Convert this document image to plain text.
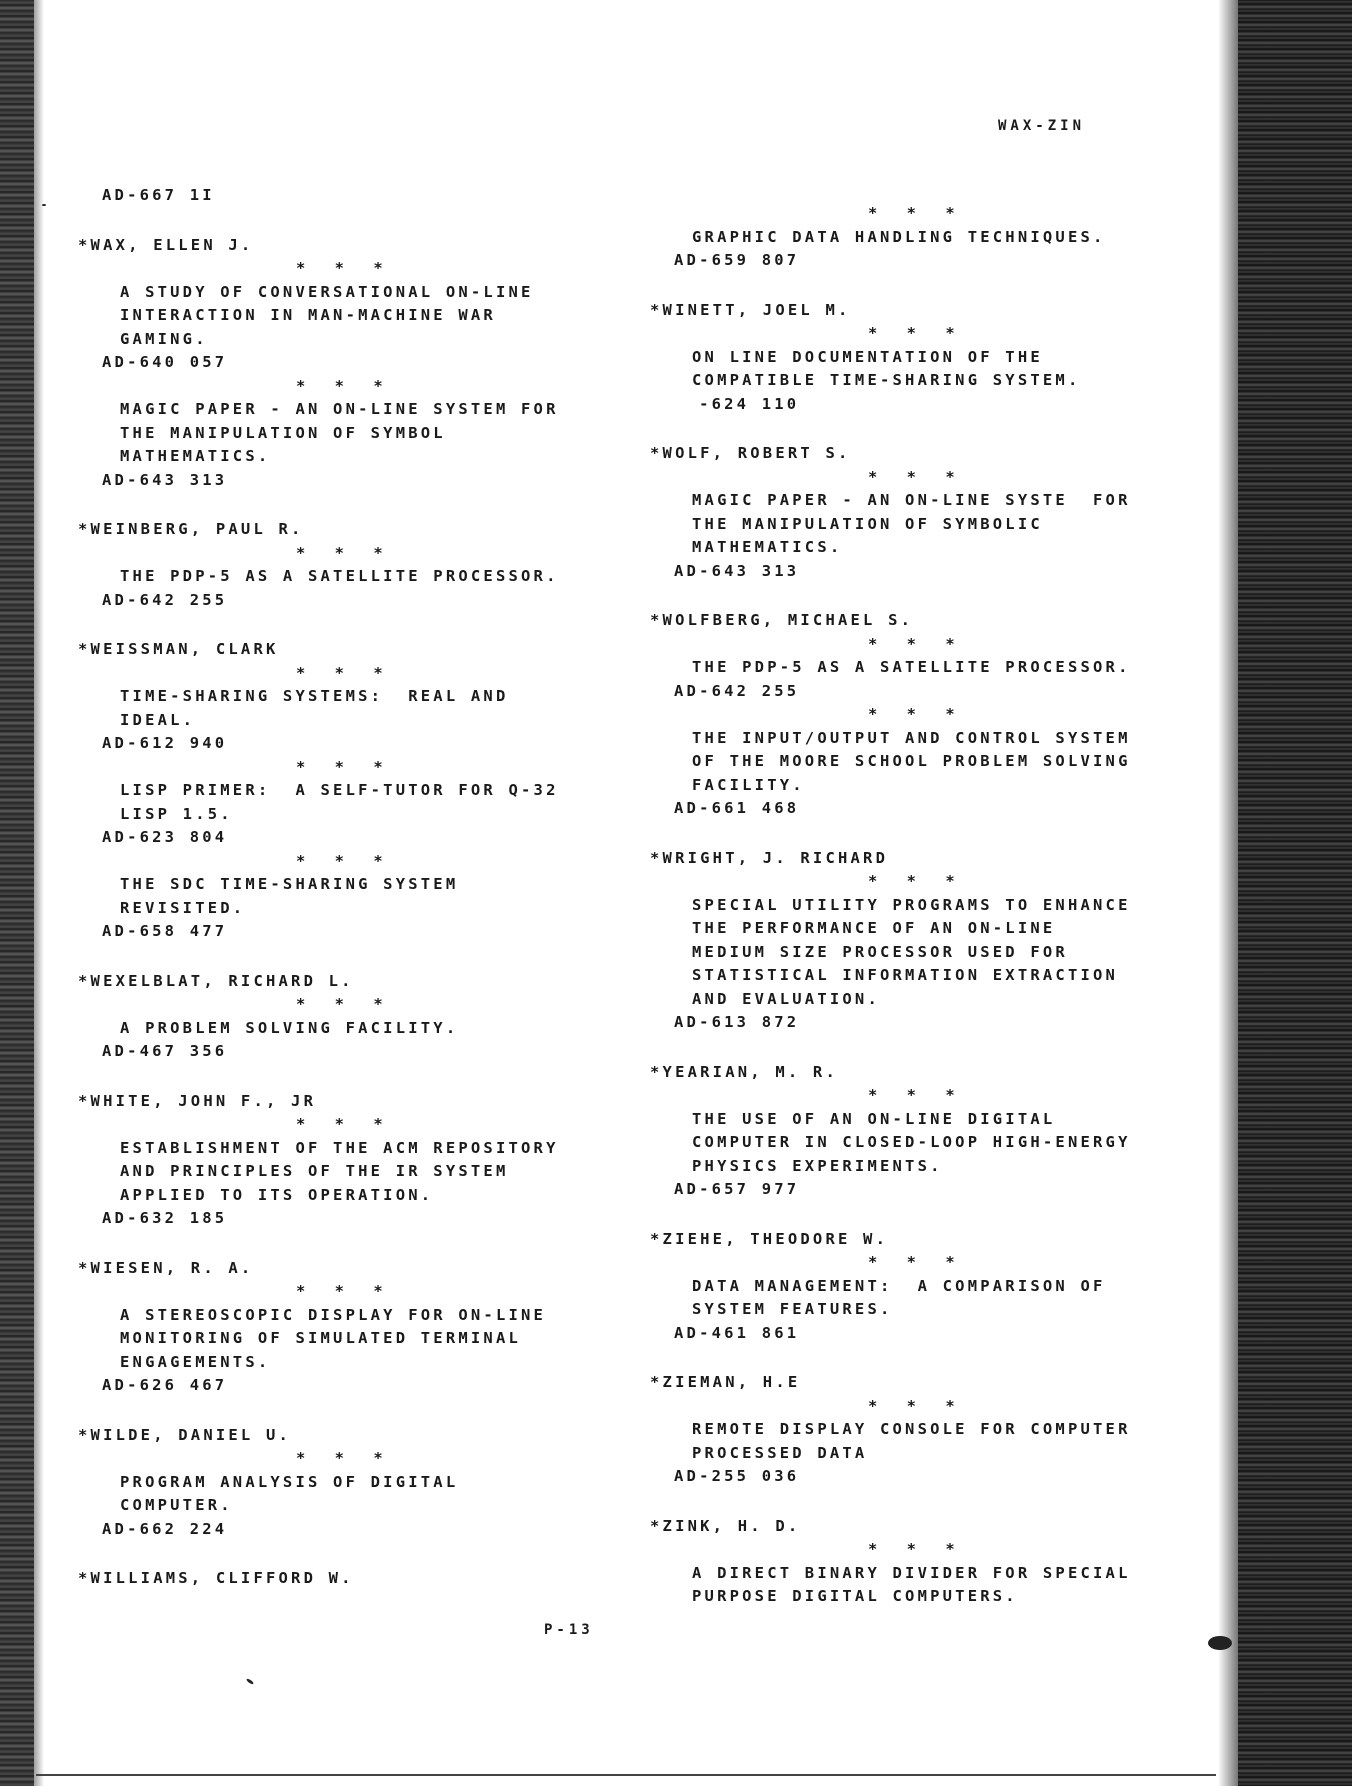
WAX-ZIN
AD-667 1I
*WAX, ELLEN J.
* * *
A STUDY OF CONVERSATIONAL ON-LINE
INTERACTION IN MAN-MACHINE WAR
GAMING.
AD-640 057
* * *
MAGIC PAPER - AN ON-LINE SYSTEM FOR
THE MANIPULATION OF SYMBOL
MATHEMATICS.
AD-643 313
*WEINBERG, PAUL R.
* * *
THE PDP-5 AS A SATELLITE PROCESSOR.
AD-642 255
*WEISSMAN, CLARK
* * *
TIME-SHARING SYSTEMS:  REAL AND
IDEAL.
AD-612 940
* * *
LISP PRIMER:  A SELF-TUTOR FOR Q-32
LISP 1.5.
AD-623 804
* * *
THE SDC TIME-SHARING SYSTEM
REVISITED.
AD-658 477
*WEXELBLAT, RICHARD L.
* * *
A PROBLEM SOLVING FACILITY.
AD-467 356
*WHITE, JOHN F., JR
* * *
ESTABLISHMENT OF THE ACM REPOSITORY
AND PRINCIPLES OF THE IR SYSTEM
APPLIED TO ITS OPERATION.
AD-632 185
*WIESEN, R. A.
* * *
A STEREOSCOPIC DISPLAY FOR ON-LINE
MONITORING OF SIMULATED TERMINAL
ENGAGEMENTS.
AD-626 467
*WILDE, DANIEL U.
* * *
PROGRAM ANALYSIS OF DIGITAL
COMPUTER.
AD-662 224
*WILLIAMS, CLIFFORD W.
* * *
GRAPHIC DATA HANDLING TECHNIQUES.
AD-659 807
*WINETT, JOEL M.
* * *
ON LINE DOCUMENTATION OF THE
COMPATIBLE TIME-SHARING SYSTEM.
-624 110
*WOLF, ROBERT S.
* * *
MAGIC PAPER - AN ON-LINE SYSTE  FOR
THE MANIPULATION OF SYMBOLIC
MATHEMATICS.
AD-643 313
*WOLFBERG, MICHAEL S.
* * *
THE PDP-5 AS A SATELLITE PROCESSOR.
AD-642 255
* * *
THE INPUT/OUTPUT AND CONTROL SYSTEM
OF THE MOORE SCHOOL PROBLEM SOLVING
FACILITY.
AD-661 468
*WRIGHT, J. RICHARD
* * *
SPECIAL UTILITY PROGRAMS TO ENHANCE
THE PERFORMANCE OF AN ON-LINE
MEDIUM SIZE PROCESSOR USED FOR
STATISTICAL INFORMATION EXTRACTION
AND EVALUATION.
AD-613 872
*YEARIAN, M. R.
* * *
THE USE OF AN ON-LINE DIGITAL
COMPUTER IN CLOSED-LOOP HIGH-ENERGY
PHYSICS EXPERIMENTS.
AD-657 977
*ZIEHE, THEODORE W.
* * *
DATA MANAGEMENT:  A COMPARISON OF
SYSTEM FEATURES.
AD-461 861
*ZIEMAN, H.E
* * *
REMOTE DISPLAY CONSOLE FOR COMPUTER
PROCESSED DATA
AD-255 036
*ZINK, H. D.
* * *
A DIRECT BINARY DIVIDER FOR SPECIAL
PURPOSE DIGITAL COMPUTERS.
P-13
